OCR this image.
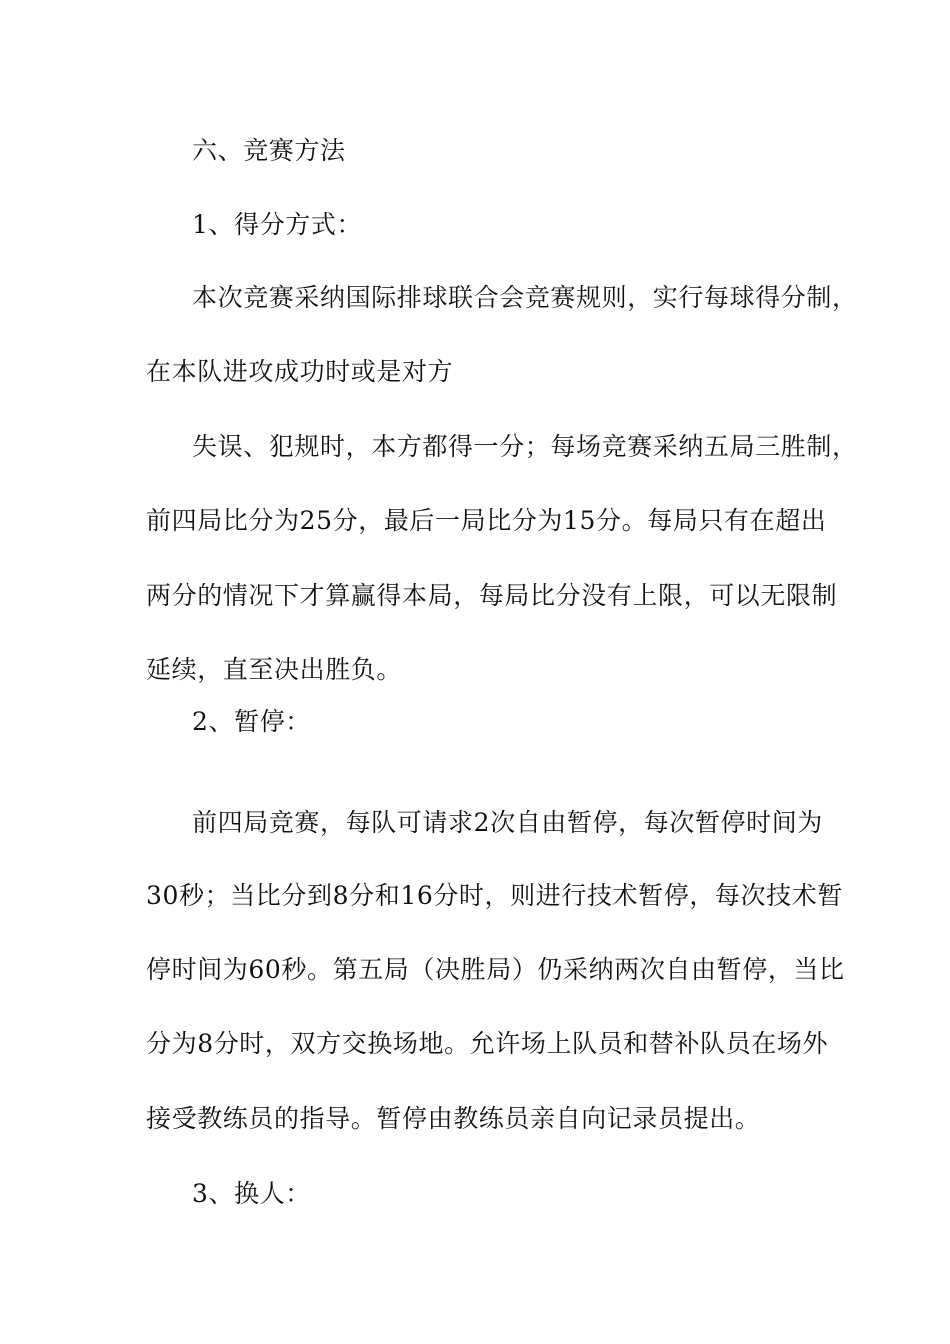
六、竞赛方法
1、得分方式：
本次竞赛采纳国际排球联合会竞赛规则，实行每球得分制，
在本队进攻成功时或是对方
失误、犯规时，本方都得一分；每场竞赛采纳五局三胜制，
前四局比分为25分，最后一局比分为15分。每局只有在超出
两分的情况下才算赢得本局，每局比分没有上限，可以无限制
延续，直至决出胜负。
2、暂停：
前四局竞赛，每队可请求2次自由暂停，每次暂停时间为
30秒；当比分到8分和16分时，则进行技术暂停，每次技术暂
停时间为60秒。第五局（决胜局）仍采纳两次自由暂停，当比
分为8分时，双方交换场地。允许场上队员和替补队员在场外
接受教练员的指导。暂停由教练员亲自向记录员提出。
3、换人：
